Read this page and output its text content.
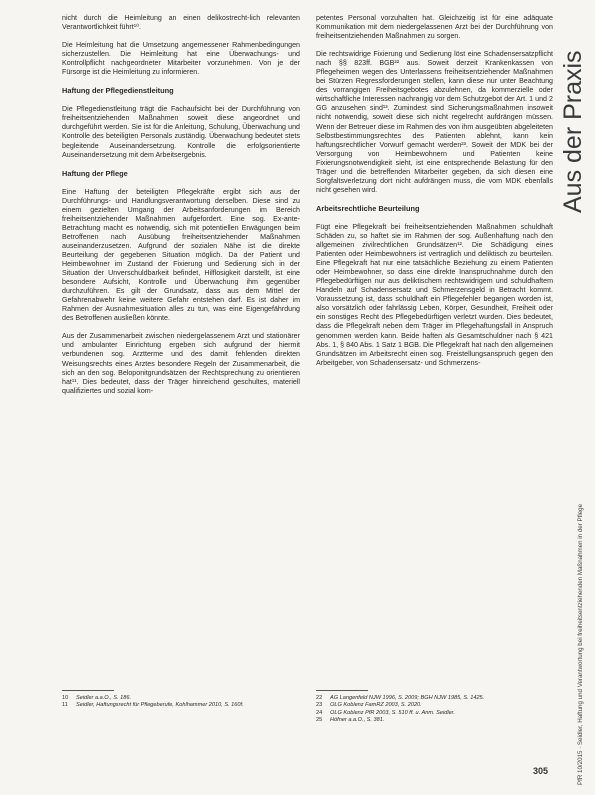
nicht durch die Heimleitung an einen delikostrecht-lich relevanten Verantwortlichkeit führt¹⁰.

Die Heimleitung hat die Umsetzung angemessener Rahmenbedingungen sicherzustellen. Die Heimleitung hat eine Überwachungs- und Kontrollpflicht nachgeordneter Mitarbeiter vorzunehmen. Von je der Fürsorge ist die Heimleitung zu informieren.

Haftung der Pflegedienstleitung

Die Pflegedienstleitung trägt die Fachaufsicht bei der Durchführung von freiheitsentziehenden Maßnahmen soweit diese angeordnet und durchgeführt werden. Sie ist für die Anleitung, Schulung, Überwachung und Kontrolle des beteiligten Personals zuständig. Überwachung bedeutet stets begleitende Auseinandersetzung. Kontrolle die erfolgsorientierte Auseinandersetzung mit dem Arbeitsergebnis.

Haftung der Pflege

Eine Haftung der beteiligten Pflegekräfte ergibt sich aus der Durchführungs- und Handlungsverantwortung derselben. Diese sind zu einem gezielten Umgang der Arbeitsanforderungen im Bereich freiheitsentziehender Maßnahmen aufgefordert. Eine sog. Ex-ante-Betrachtung macht es notwendig, sich mit potentiellen Erwägungen beim Betroffenen nach Ausübung freiheitsentziehender Maßnahmen auseinanderzusetzen. Aufgrund der sozialen Nähe ist die direkte Beurteilung der gegebenen Situation möglich. Da der Patient und Heimbewohner im Zustand der Fixierung und Sedierung sich in der Situation der Unverschuldbarkeit befindet, Hilflosigkeit darstellt, ist eine besondere Aufsicht, Kontrolle und Überwachung ihm gegenüber durchzuführen. Es gilt der Grundsatz, dass aus dem Mittel der Gefahrenabwehr keine weitere Gefahr entstehen darf. Es ist daher im Rahmen der Ausnahmesituation alles zu tun, was eine Eigengefährdung des Betroffenen ausließen könnte.

Aus der Zusammenarbeit zwischen niedergelassenem Arzt und stationärer und ambulanter Einrichtung ergeben sich aufgrund der hiermit verbundenen sog. Arztterme und des damit fehlenden direkten Weisungsrechts eines Arztes besondere Regeln der Zusammenarbeit, die sich an den sog. Beloponitgrundsätzen der Rechtsprechung zu orientieren hat¹¹. Dies bedeutet, dass der Träger hinreichend geschultes, materiell qualifiziertes und sozial kom-

petentes Personal vorzuhalten hat. Gleichzeitig ist für eine adäquate Kommunikation mit dem niedergelassenen Arzt bei der Durchführung von freiheitsentziehenden Maßnahmen zu sorgen.

Die rechtswidrige Fixierung und Sedierung löst eine Schadensersatzpflicht nach §§ 823ff. BGB²² aus. Soweit derzeit Krankenkassen von Pflegeheimen wegen des Unterlassens freiheitsentziehender Maßnahmen bei Stürzen Regressforderungen stellen, kann diese nur unter Beachtung des vorrangigen Freiheitsgebotes abzulehnen, da kommerzielle oder wirtschaftliche Interessen nachrangig vor dem Schutzgebot der Art. 1 und 2 GG anzusehen sind¹³. Zumindest sind Sicherungsmaßnahmen insoweit nicht notwendig, soweit diese sich nicht regelrecht aufdrängen müssen. Wenn der Betreuer diese im Rahmen des von ihm ausgeübten abgeleiteten Selbstbestimmungsrechtes des Patienten ablehnt, kann kein haftungsrechtlicher Vorwurf gemacht werden²³. Soweit der MDK bei der Versorgung von Heimbewohnern und Patienten keine Fixierungsnotwendigkeit sieht, ist eine entsprechende Belastung für den Träger und die betreffenden Mitarbeiter gegeben, da sich diesen eine Sorgfaltsverletzung dort nicht aufdrängen muss, die vom MDK ebenfalls nicht gesehen wird.

Arbeitsrechtliche Beurteilung

Fügt eine Pflegekraft bei freiheitsentziehenden Maßnahmen schuldhaft Schäden zu, so haftet sie im Rahmen der sog. Außenhaftung nach den allgemeinen zivilrechtlichen Grundsätzen¹². Die Schädigung eines Patienten oder Heimbewohners ist vertraglich und deliktisch zu beurteilen. Eine Pflegekraft hat nur eine tatsächliche Beziehung zu einem Patienten oder Heimbewohner, so dass eine direkte Inanspruchnahme durch den Pflegebedürftigen nur aus deliktischem rechtswidrigem und schuldhaftem Handeln auf Schadensersatz und Schmerzensgeld in Betracht kommt. Voraussetzung ist, dass schuldhaft ein Pflegefehler begangen worden ist, also vorsätzlich oder fahrlässig Leben, Körper, Gesundheit, Freiheit oder ein sonstiges Recht des Pflegebedürftigen verletzt wurden. Dies bedeutet, dass die Pflegekraft neben dem Träger im Pflegehaftungsfall in Anspruch genommen werden kann. Beide haften als Gesamtschuldner nach § 421 Abs. 1, § 840 Abs. 1 Satz 1 BGB. Die Pflegekraft hat nach den allgemeinen Grundsätzen im Arbeitsrecht einen sog. Freistellungsanspruch gegen den Arbeitgeber, von Schadensersatz- und Schmerzens-

10	Seidler a.a.O., S. 186.
11	Seidler, Haftungsrecht für Pflegeberufe, Kohlhammer 2010, S. 160f.
22	AG Langenfeld NJW 1996, S. 2009; BGH NJW 1985, S. 1425.
23	OLG Koblenz FamRZ 2003, S. 2020.
24	OLG Koblenz PfR 2003, S. 510 ff. u. Anm. Seidler.
25	Höfner a.a.O., S. 381.
Aus der Praxis
PfR 10/2015 · Seidler, Haftung und Verantwortung bei freiheitsentziehenden Maßnahmen in der Pflege
305
